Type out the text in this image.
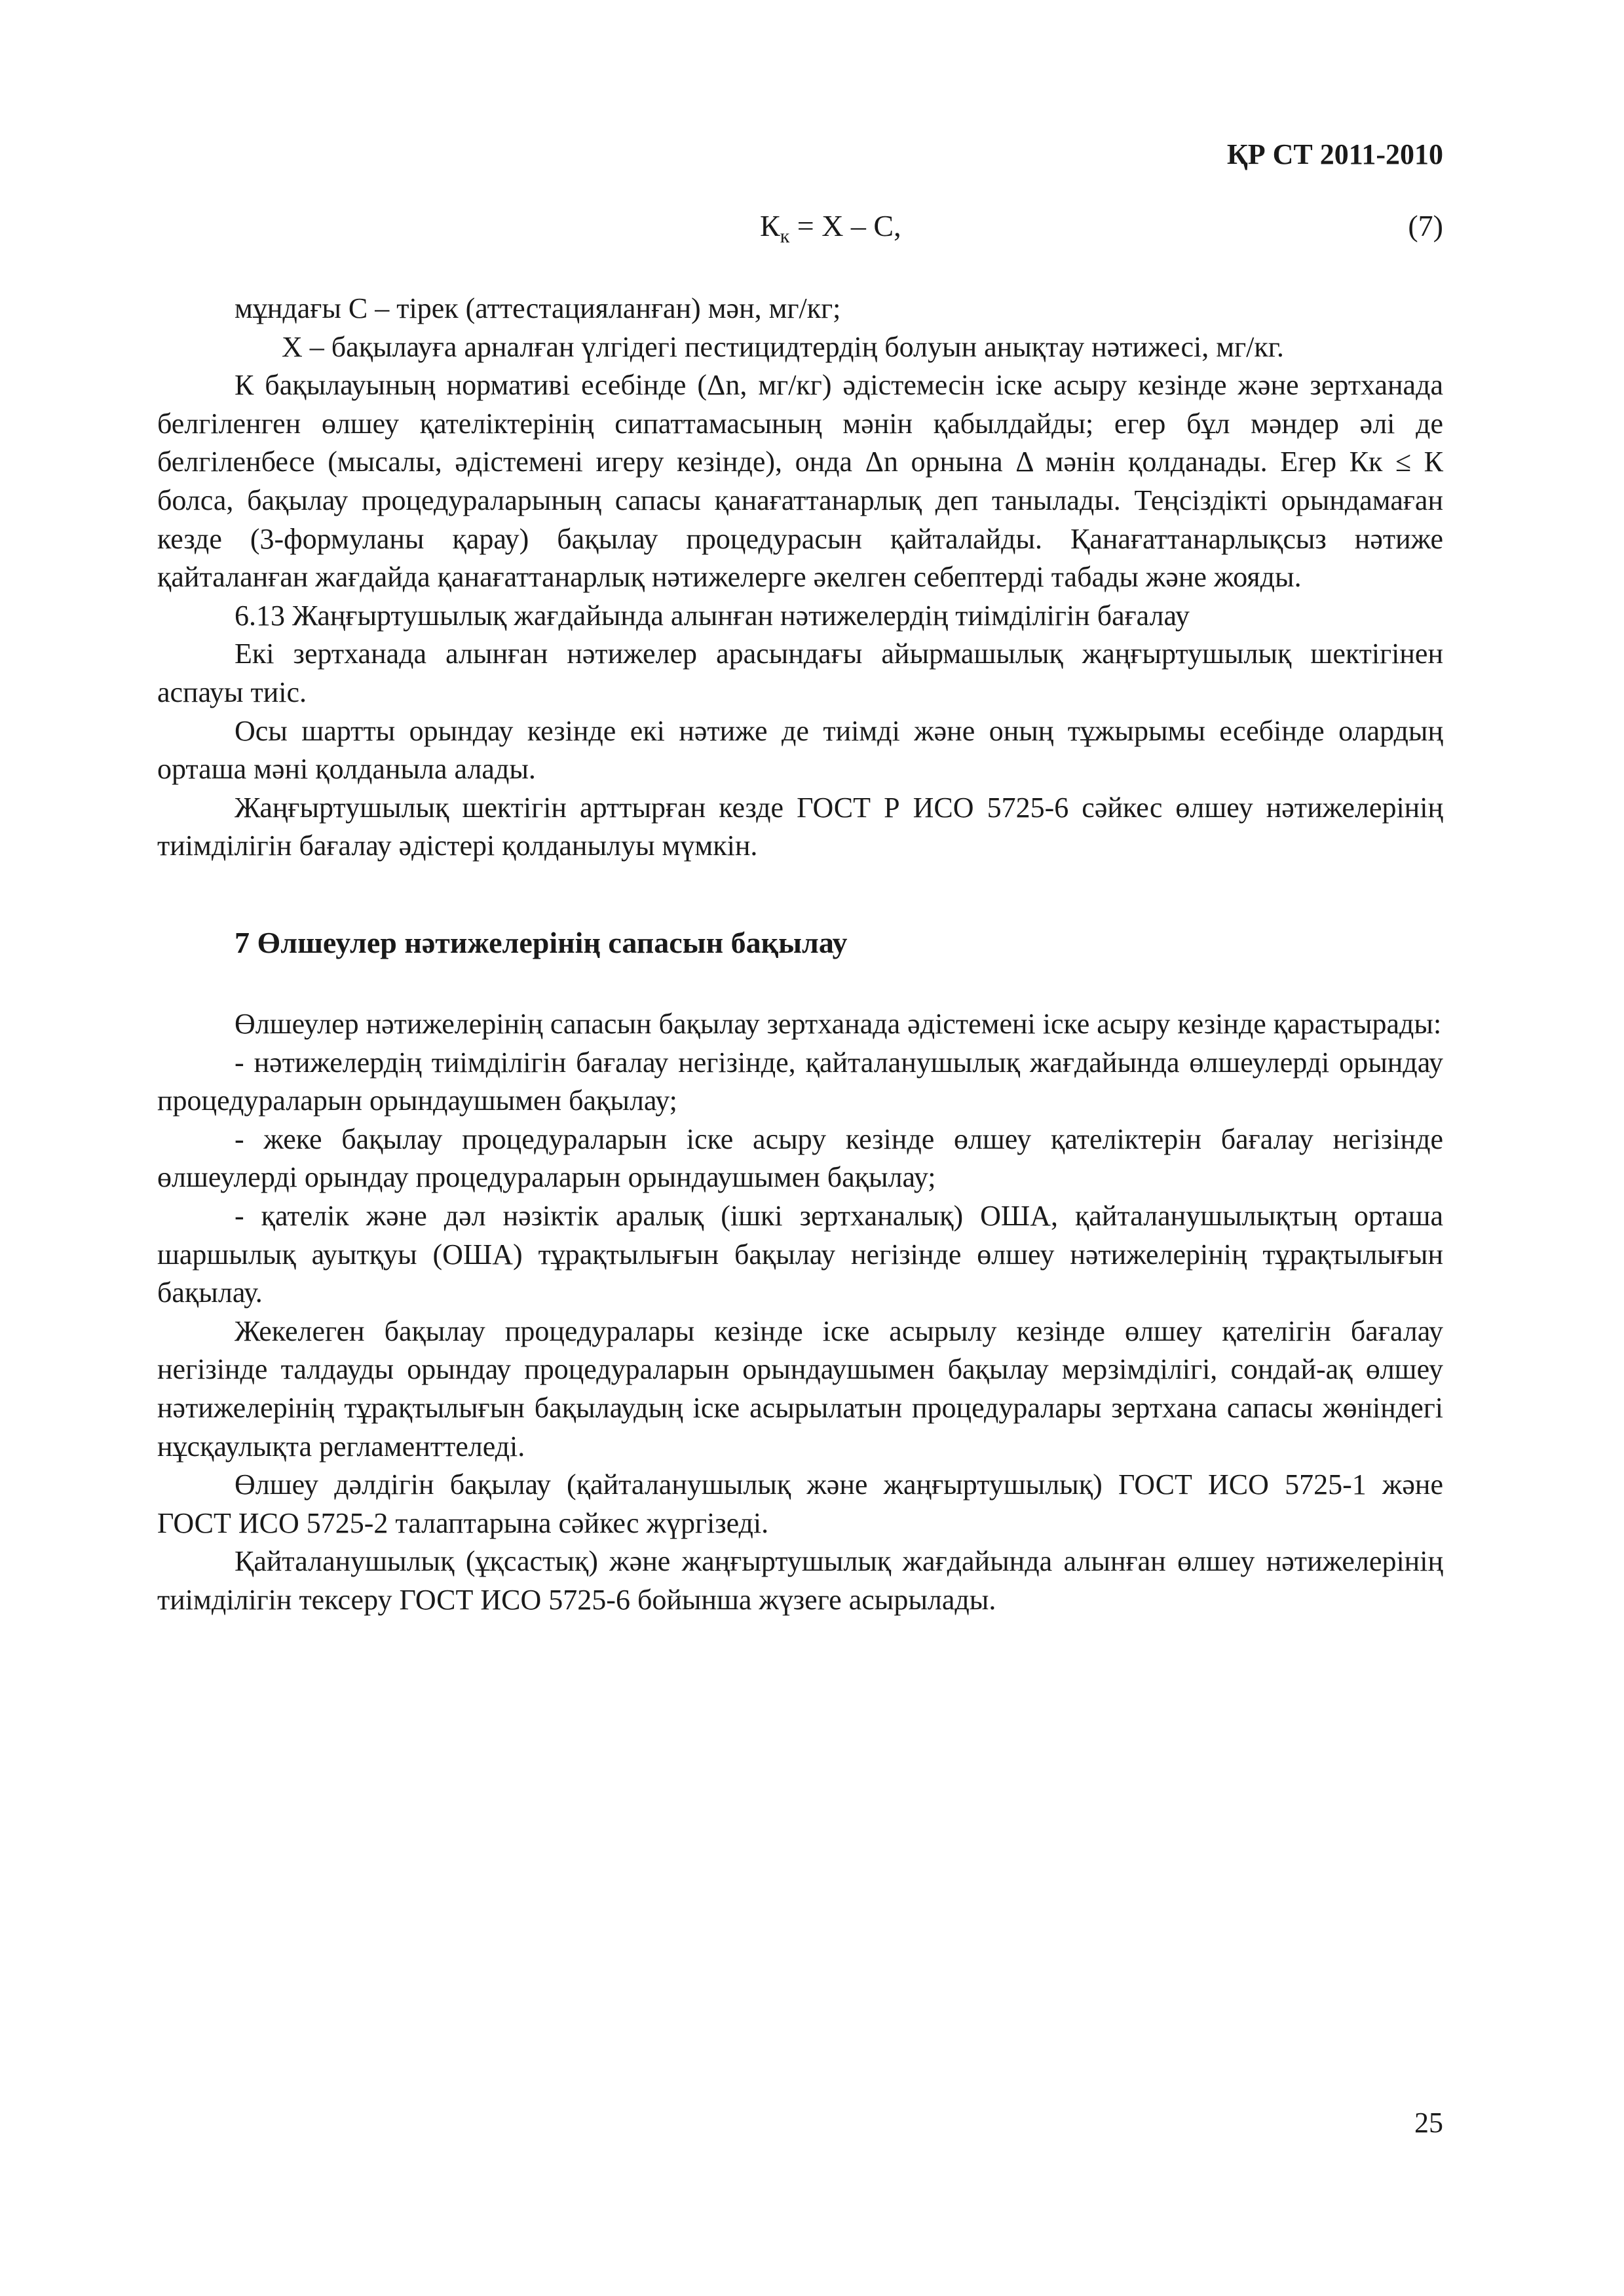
ҚР СТ 2011-2010
$К_к = Х - С$,	(7)

мұндағы С – тірек (аттестацияланған) мән, мг/кг;

Х – бақылауға арналған үлгідегі пестицидтердің болуын анықтау нәтижесі, мг/кг.

К бақылауының нормативі есебінде (Δn, мг/кг) әдістемесін іске асыру кезінде және зертханада белгіленген өлшеу қателіктерінің сипаттамасының мәнін қабылдайды; егер бұл мәндер әлі де белгіленбесе (мысалы, әдістемені игеру кезінде), онда Δn орнына Δ мәнін қолданады. Егер Кк ≤ К болса, бақылау процедураларының сапасы қанағаттанарлық деп танылады. Теңсіздікті орындамаған кезде (3-формуланы қарау) бақылау процедурасын қайталайды. Қанағаттанарлықсыз нәтиже қайталанған жағдайда қанағаттанарлық нәтижелерге әкелген себептерді табады және жояды.

6.13 Жаңғыртушылық жағдайында алынған нәтижелердің тиімділігін бағалау

Екі зертханада алынған нәтижелер арасындағы айырмашылық жаңғыртушылық шектігінен аспауы тиіс.

Осы шартты орындау кезінде екі нәтиже де тиімді және оның тұжырымы есебінде олардың орташа мәні қолданыла алады.

Жаңғыртушылық шектігін арттырған кезде ГОСТ Р ИСО 5725-6 сәйкес өлшеу нәтижелерінің тиімділігін бағалау әдістері қолданылуы мүмкін.

7 Өлшеулер нәтижелерінің сапасын бақылау

Өлшеулер нәтижелерінің сапасын бақылау зертханада әдістемені іске асыру кезінде қарастырады:

- нәтижелердің тиімділігін бағалау негізінде, қайталанушылық жағдайында өлшеулерді орындау процедураларын орындаушымен бақылау;

- жеке бақылау процедураларын іске асыру кезінде өлшеу қателіктерін бағалау негізінде өлшеулерді орындау процедураларын орындаушымен бақылау;

- қателік және дәл нәзіктік аралық (ішкі зертханалық) ОША, қайталанушылықтың орташа шаршылық ауытқуы (ОША) тұрақтылығын бақылау негізінде өлшеу нәтижелерінің тұрақтылығын бақылау.

Жекелеген бақылау процедуралары кезінде іске асырылу кезінде өлшеу қателігін бағалау негізінде талдауды орындау процедураларын орындаушымен бақылау мерзімділігі, сондай-ақ өлшеу нәтижелерінің тұрақтылығын бақылаудың іске асырылатын процедуралары зертхана сапасы жөніндегі нұсқаулықта регламенттеледі.

Өлшеу дәлдігін бақылау (қайталанушылық және жаңғыртушылық) ГОСТ ИСО 5725-1 және ГОСТ ИСО 5725-2 талаптарына сәйкес жүргізеді.

Қайталанушылық (ұқсастық) және жаңғыртушылық жағдайында алынған өлшеу нәтижелерінің тиімділігін тексеру ГОСТ ИСО 5725-6 бойынша жүзеге асырылады.

25
